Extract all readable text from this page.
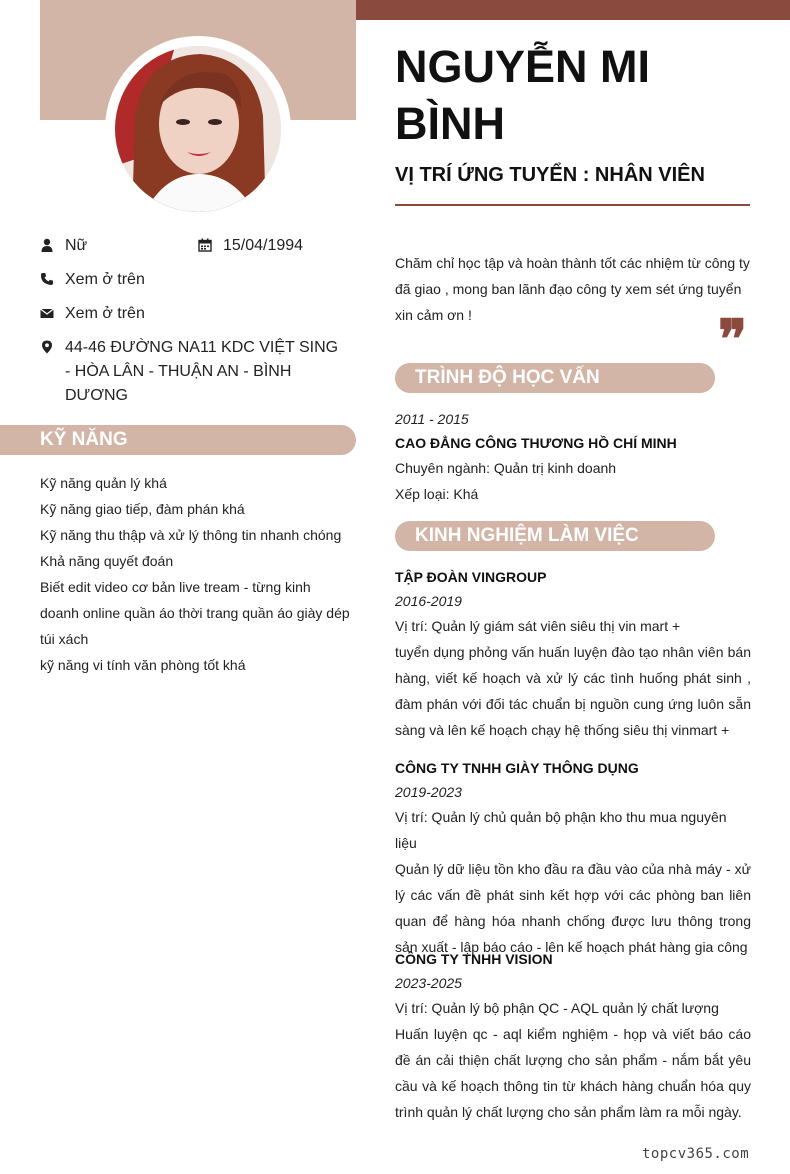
Nữ	15/04/1994
Xem ở trên
Xem ở trên
44-46 ĐƯỜNG NA11 KDC VIỆT SING - HÒA LÂN - THUẬN AN - BÌNH DƯƠNG
KỸ NĂNG
Kỹ năng quản lý khá
Kỹ năng giao tiếp, đàm phán khá
Kỹ năng thu thập và xử lý thông tin nhanh chóng
Khả năng quyết đoán
Biết edit video cơ bản live tream - từng kinh doanh online quần áo thời trang quần áo giày dép túi xách
kỹ năng vi tính văn phòng tốt khá
NGUYỄN MI BÌNH
VỊ TRÍ ỨNG TUYỂN : NHÂN VIÊN
Chăm chỉ học tập và hoàn thành tốt các nhiệm từ công ty đã giao , mong ban lãnh đạo công ty xem sét ứng tuyển xin cảm ơn !	❞
TRÌNH ĐỘ HỌC VẤN
2011 - 2015
CAO ĐẲNG CÔNG THƯƠNG HỒ CHÍ MINH
Chuyên ngành: Quản trị kinh doanh
Xếp loại: Khá
KINH NGHIỆM LÀM VIỆC
TẬP ĐOÀN VINGROUP
2016-2019
Vị trí: Quản lý giám sát viên siêu thị vin mart +
tuyển dụng phỏng vấn huấn luyện đào tạo nhân viên bán hàng, viết kế hoạch và xử lý các tình huống phát sinh , đàm phán với đối tác chuẩn bị nguồn cung ứng luôn sẵn sàng và lên kế hoạch chạy hệ thống siêu thị vinmart +
CÔNG TY TNHH GIÀY THÔNG DỤNG
2019-2023
Vị trí: Quản lý chủ quản bộ phận kho thu mua nguyên liệu
Quản lý dữ liệu tồn kho đầu ra đầu vào của nhà máy - xử lý các vấn đề phát sinh kết hợp với các phòng ban liên quan để hàng hóa nhanh chống được lưu thông trong sản xuất - lập báo cáo - lên kế hoạch phát hàng gia công
CÔNG TY TNHH VISION
2023-2025
Vị trí: Quản lý bộ phận QC - AQL quản lý chất lượng
Huấn luyện qc - aql kiểm nghiệm - họp và viết báo cáo đề án cải thiện chất lượng cho sản phẩm - nắm bắt yêu cầu và kế hoạch thông tin từ khách hàng chuẩn hóa quy trình quản lý chất lượng cho sản phẩm làm ra mỗi ngày.
topcv365.com
